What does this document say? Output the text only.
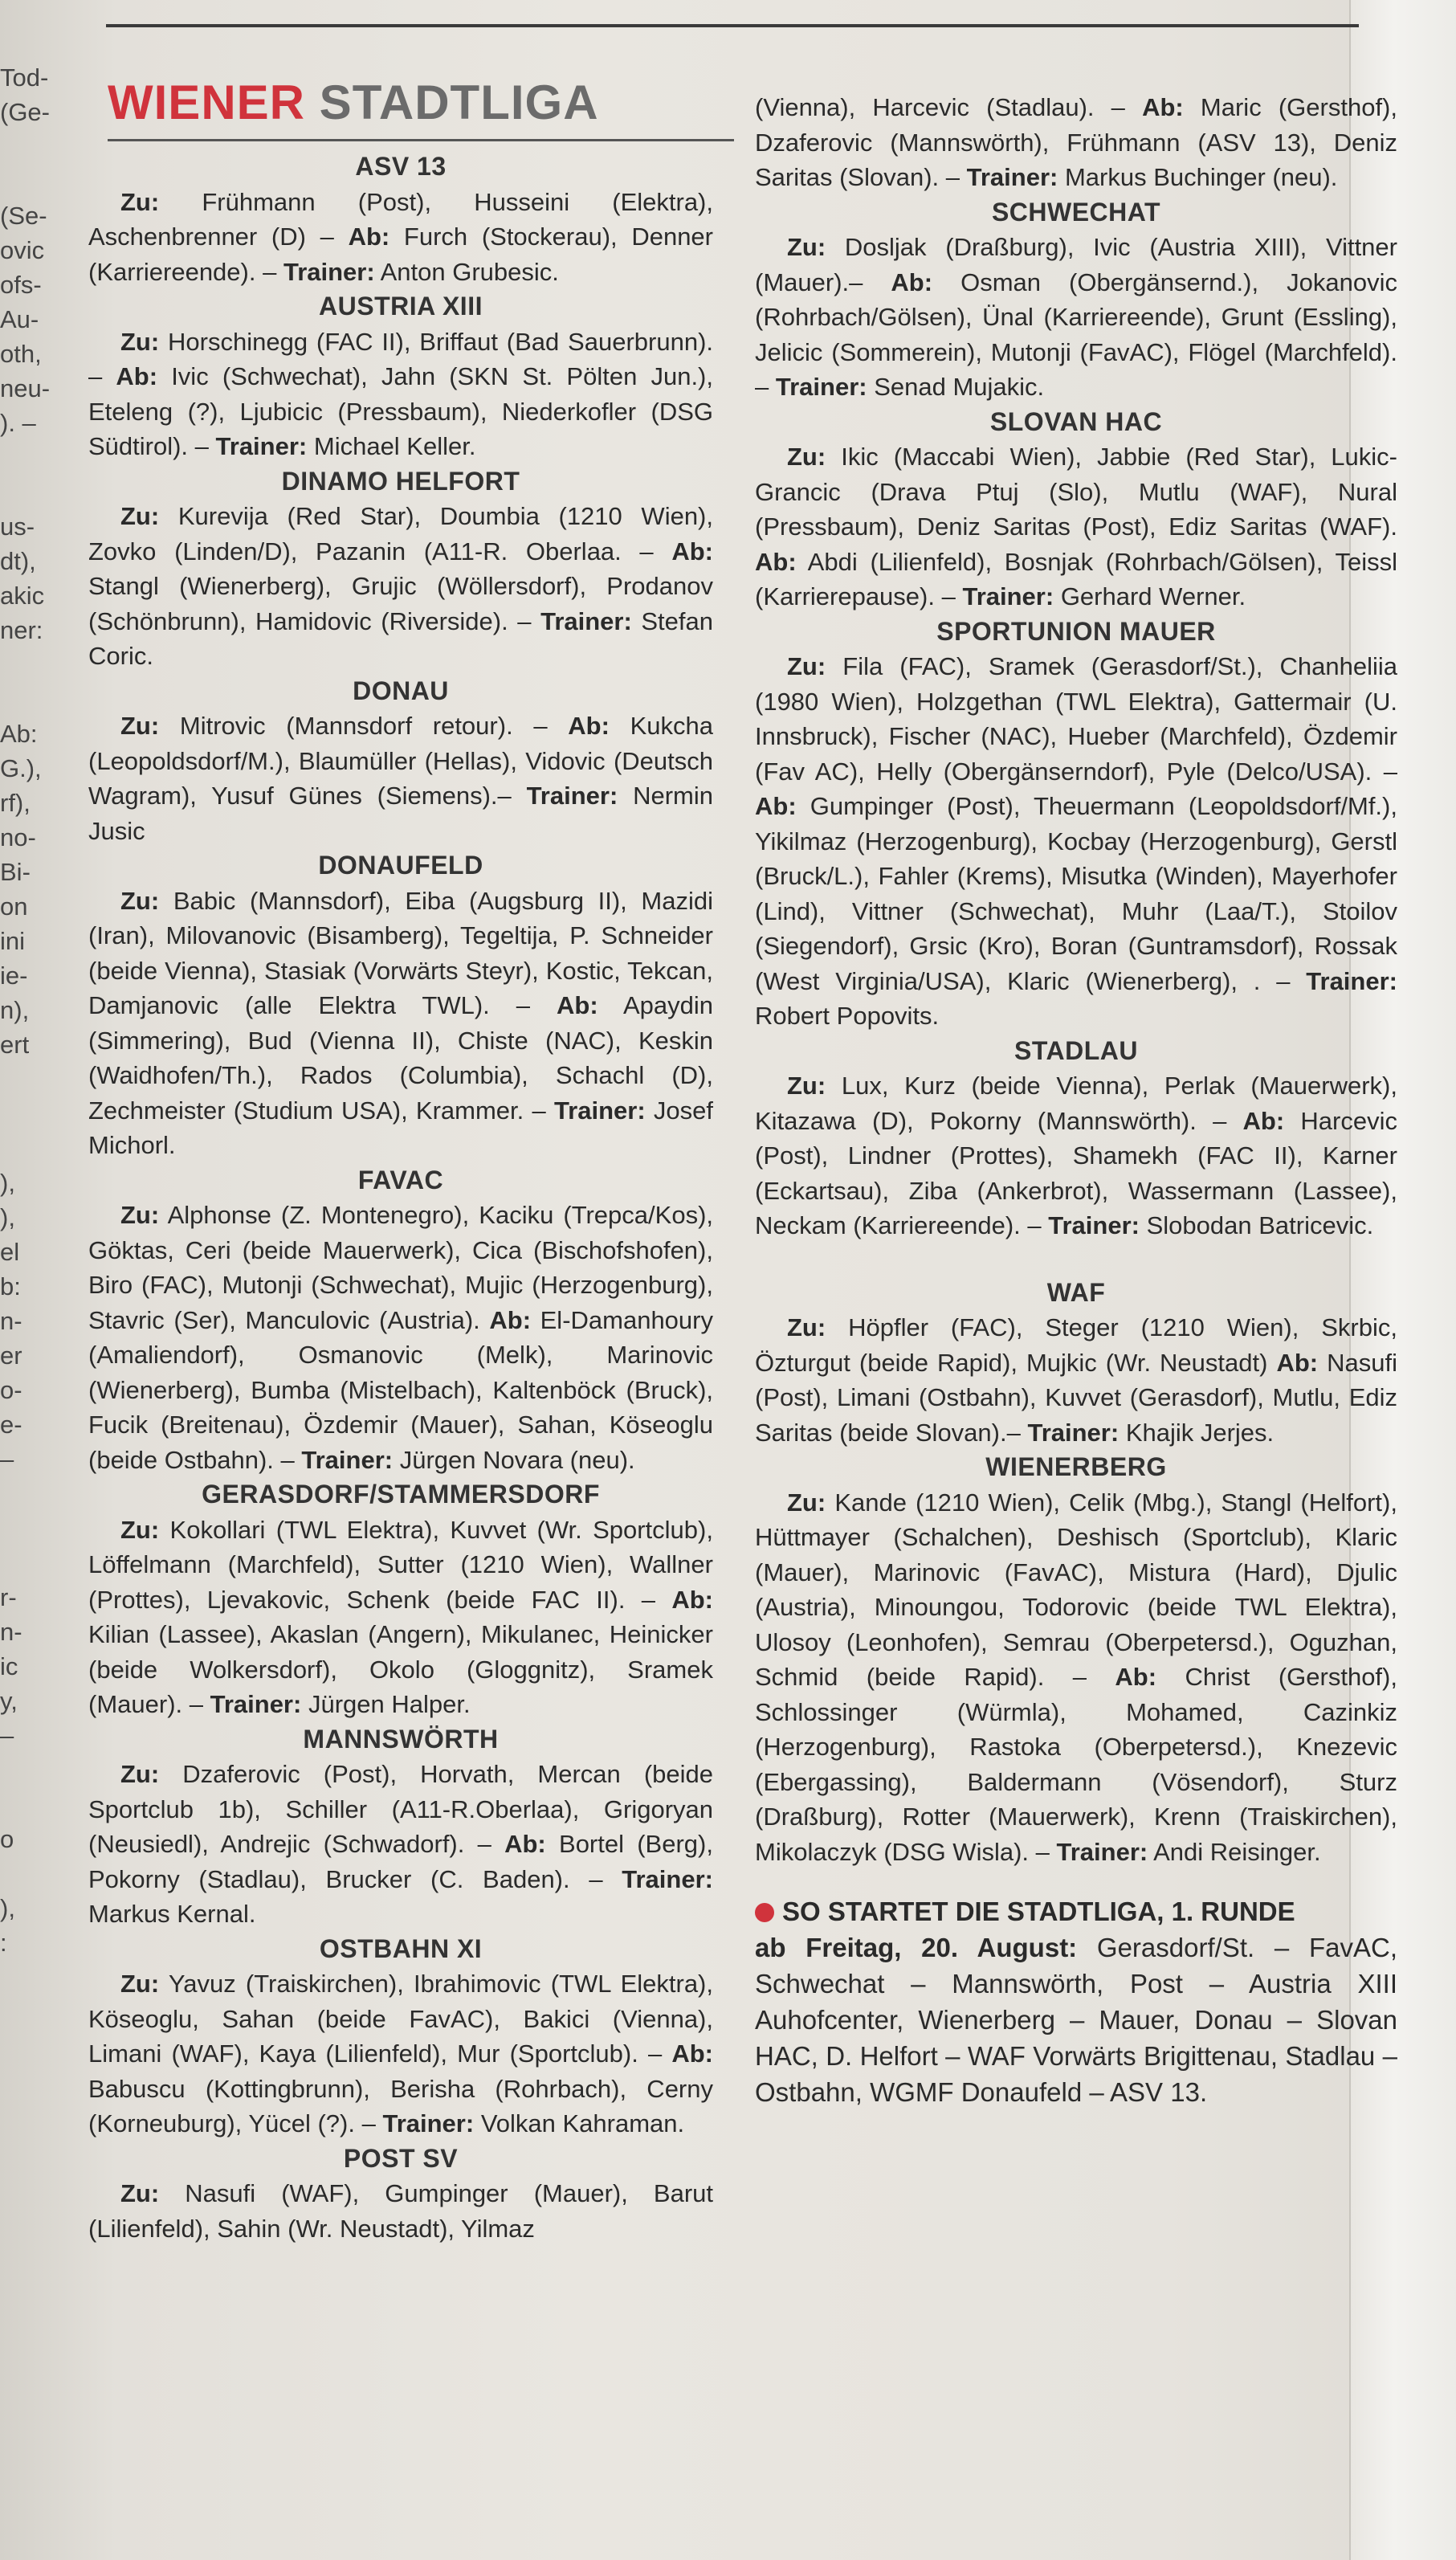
Tod-
(Ge-
(Se-
ovic
ofs-
Au-
oth,
neu-
). –
us-
dt),
akic
ner:
Ab:
G.),
rf),
no-
Bi-
on
ini
ie-
n),
ert
),
),
el
b:
n-
er
o-
e-
–
r-
n-
ic
y,
–
o
),
:
WIENER STADTLIGA

ASV 13

Zu: Frühmann (Post), Husseini (Elektra), Aschenbrenner (D) – Ab: Furch (Stockerau), Denner (Karriereende). – Trainer: Anton Grubesic.

AUSTRIA XIII

Zu: Horschinegg (FAC II), Briffaut (Bad Sauerbrunn). – Ab: Ivic (Schwechat), Jahn (SKN St. Pölten Jun.), Eteleng (?), Ljubicic (Pressbaum), Niederkofler (DSG Südtirol). – Trainer: Michael Keller.

DINAMO HELFORT

Zu: Kurevija (Red Star), Doumbia (1210 Wien), Zovko (Linden/D), Pazanin (A11-R. Oberlaa. – Ab: Stangl (Wienerberg), Grujic (Wöllersdorf), Prodanov (Schönbrunn), Hamidovic (Riverside). – Trainer: Stefan Coric.

DONAU

Zu: Mitrovic (Mannsdorf retour). – Ab: Kukcha (Leopoldsdorf/M.), Blaumüller (Hellas), Vidovic (Deutsch Wagram), Yusuf Günes (Siemens).– Trainer: Nermin Jusic

DONAUFELD

Zu: Babic (Mannsdorf), Eiba (Augsburg II), Mazidi (Iran), Milovanovic (Bisamberg), Tegeltija, P. Schneider (beide Vienna), Stasiak (Vorwärts Steyr), Kostic, Tekcan, Damjanovic (alle Elektra TWL). – Ab: Apaydin (Simmering), Bud (Vienna II), Chiste (NAC), Keskin (Waidhofen/Th.), Rados (Columbia), Schachl (D), Zechmeister (Studium USA), Krammer. – Trainer: Josef Michorl.

FAVAC

Zu: Alphonse (Z. Montenegro), Kaciku (Trepca/Kos), Göktas, Ceri (beide Mauerwerk), Cica (Bischofshofen), Biro (FAC), Mutonji (Schwechat), Mujic (Herzogenburg), Stavric (Ser), Manculovic (Austria). Ab: El-Damanhoury (Amaliendorf), Osmanovic (Melk), Marinovic (Wienerberg), Bumba (Mistelbach), Kaltenböck (Bruck), Fucik (Breitenau), Özdemir (Mauer), Sahan, Köseoglu (beide Ostbahn). – Trainer: Jürgen Novara (neu).

GERASDORF/STAMMERSDORF

Zu: Kokollari (TWL Elektra), Kuvvet (Wr. Sportclub), Löffelmann (Marchfeld), Sutter (1210 Wien), Wallner (Prottes), Ljevakovic, Schenk (beide FAC II). – Ab: Kilian (Lassee), Akaslan (Angern), Mikulanec, Heinicker (beide Wolkersdorf), Okolo (Gloggnitz), Sramek (Mauer). – Trainer: Jürgen Halper.

MANNSWÖRTH

Zu: Dzaferovic (Post), Horvath, Mercan (beide Sportclub 1b), Schiller (A11-R.Oberlaa), Grigoryan (Neusiedl), Andrejic (Schwadorf). – Ab: Bortel (Berg), Pokorny (Stadlau), Brucker (C. Baden). – Trainer: Markus Kernal.

OSTBAHN XI

Zu: Yavuz (Traiskirchen), Ibrahimovic (TWL Elektra), Köseoglu, Sahan (beide FavAC), Bakici (Vienna), Limani (WAF), Kaya (Lilienfeld), Mur (Sportclub). – Ab: Babuscu (Kottingbrunn), Berisha (Rohrbach), Cerny (Korneuburg), Yücel (?). – Trainer: Volkan Kahraman.

POST SV

Zu: Nasufi (WAF), Gumpinger (Mauer), Barut (Lilienfeld), Sahin (Wr. Neustadt), Yilmaz

(Vienna), Harcevic (Stadlau). – Ab: Maric (Gersthof), Dzaferovic (Mannswörth), Frühmann (ASV 13), Deniz Saritas (Slovan). – Trainer: Markus Buchinger (neu).

SCHWECHAT

Zu: Dosljak (Draßburg), Ivic (Austria XIII), Vittner (Mauer).– Ab: Osman (Obergänsernd.), Jokanovic (Rohrbach/Gölsen), Ünal (Karriereende), Grunt (Essling), Jelicic (Sommerein), Mutonji (FavAC), Flögel (Marchfeld). – Trainer: Senad Mujakic.

SLOVAN HAC

Zu: Ikic (Maccabi Wien), Jabbie (Red Star), Lukic-Grancic (Drava Ptuj (Slo), Mutlu (WAF), Nural (Pressbaum), Deniz Saritas (Post), Ediz Saritas (WAF). Ab: Abdi (Lilienfeld), Bosnjak (Rohrbach/Gölsen), Teissl (Karrierepause). – Trainer: Gerhard Werner.

SPORTUNION MAUER

Zu: Fila (FAC), Sramek (Gerasdorf/St.), Chanheliia (1980 Wien), Holzgethan (TWL Elektra), Gattermair (U. Innsbruck), Fischer (NAC), Hueber (Marchfeld), Özdemir (Fav AC), Helly (Obergänserndorf), Pyle (Delco/USA). – Ab: Gumpinger (Post), Theuermann (Leopoldsdorf/Mf.), Yikilmaz (Herzogenburg), Kocbay (Herzogenburg), Gerstl (Bruck/L.), Fahler (Krems), Misutka (Winden), Mayerhofer (Lind), Vittner (Schwechat), Muhr (Laa/T.), Stoilov (Siegendorf), Grsic (Kro), Boran (Guntramsdorf), Rossak (West Virginia/USA), Klaric (Wienerberg), . – Trainer: Robert Popovits.

STADLAU

Zu: Lux, Kurz (beide Vienna), Perlak (Mauerwerk), Kitazawa (D), Pokorny (Mannswörth). – Ab: Harcevic (Post), Lindner (Prottes), Shamekh (FAC II), Karner (Eckartsau), Ziba (Ankerbrot), Wassermann (Lassee), Neckam (Karriereende). – Trainer: Slobodan Batricevic.

WAF

Zu: Höpfler (FAC), Steger (1210 Wien), Skrbic, Özturgut (beide Rapid), Mujkic (Wr. Neustadt) Ab: Nasufi (Post), Limani (Ostbahn), Kuvvet (Gerasdorf), Mutlu, Ediz Saritas (beide Slovan).– Trainer: Khajik Jerjes.

WIENERBERG

Zu: Kande (1210 Wien), Celik (Mbg.), Stangl (Helfort), Hüttmayer (Schalchen), Deshisch (Sportclub), Klaric (Mauer), Marinovic (FavAC), Mistura (Hard), Djulic (Austria), Minoungou, Todorovic (beide TWL Elektra), Ulosoy (Leonhofen), Semrau (Oberpetersd.), Oguzhan, Schmid (beide Rapid). – Ab: Christ (Gersthof), Schlossinger (Würmla), Mohamed, Cazinkiz (Herzogenburg), Rastoka (Oberpetersd.), Knezevic (Ebergassing), Baldermann (Vösendorf), Sturz (Draßburg), Rotter (Mauerwerk), Krenn (Traiskirchen), Mikolaczyk (DSG Wisla). – Trainer: Andi Reisinger.

SO STARTET DIE STADTLIGA, 1. RUNDE
ab Freitag, 20. August: Gerasdorf/St. – FavAC, Schwechat – Mannswörth, Post – Austria XIII Auhofcenter, Wienerberg – Mauer, Donau – Slovan HAC, D. Helfort – WAF Vorwärts Brigittenau, Stadlau – Ostbahn, WGMF Donaufeld – ASV 13.
